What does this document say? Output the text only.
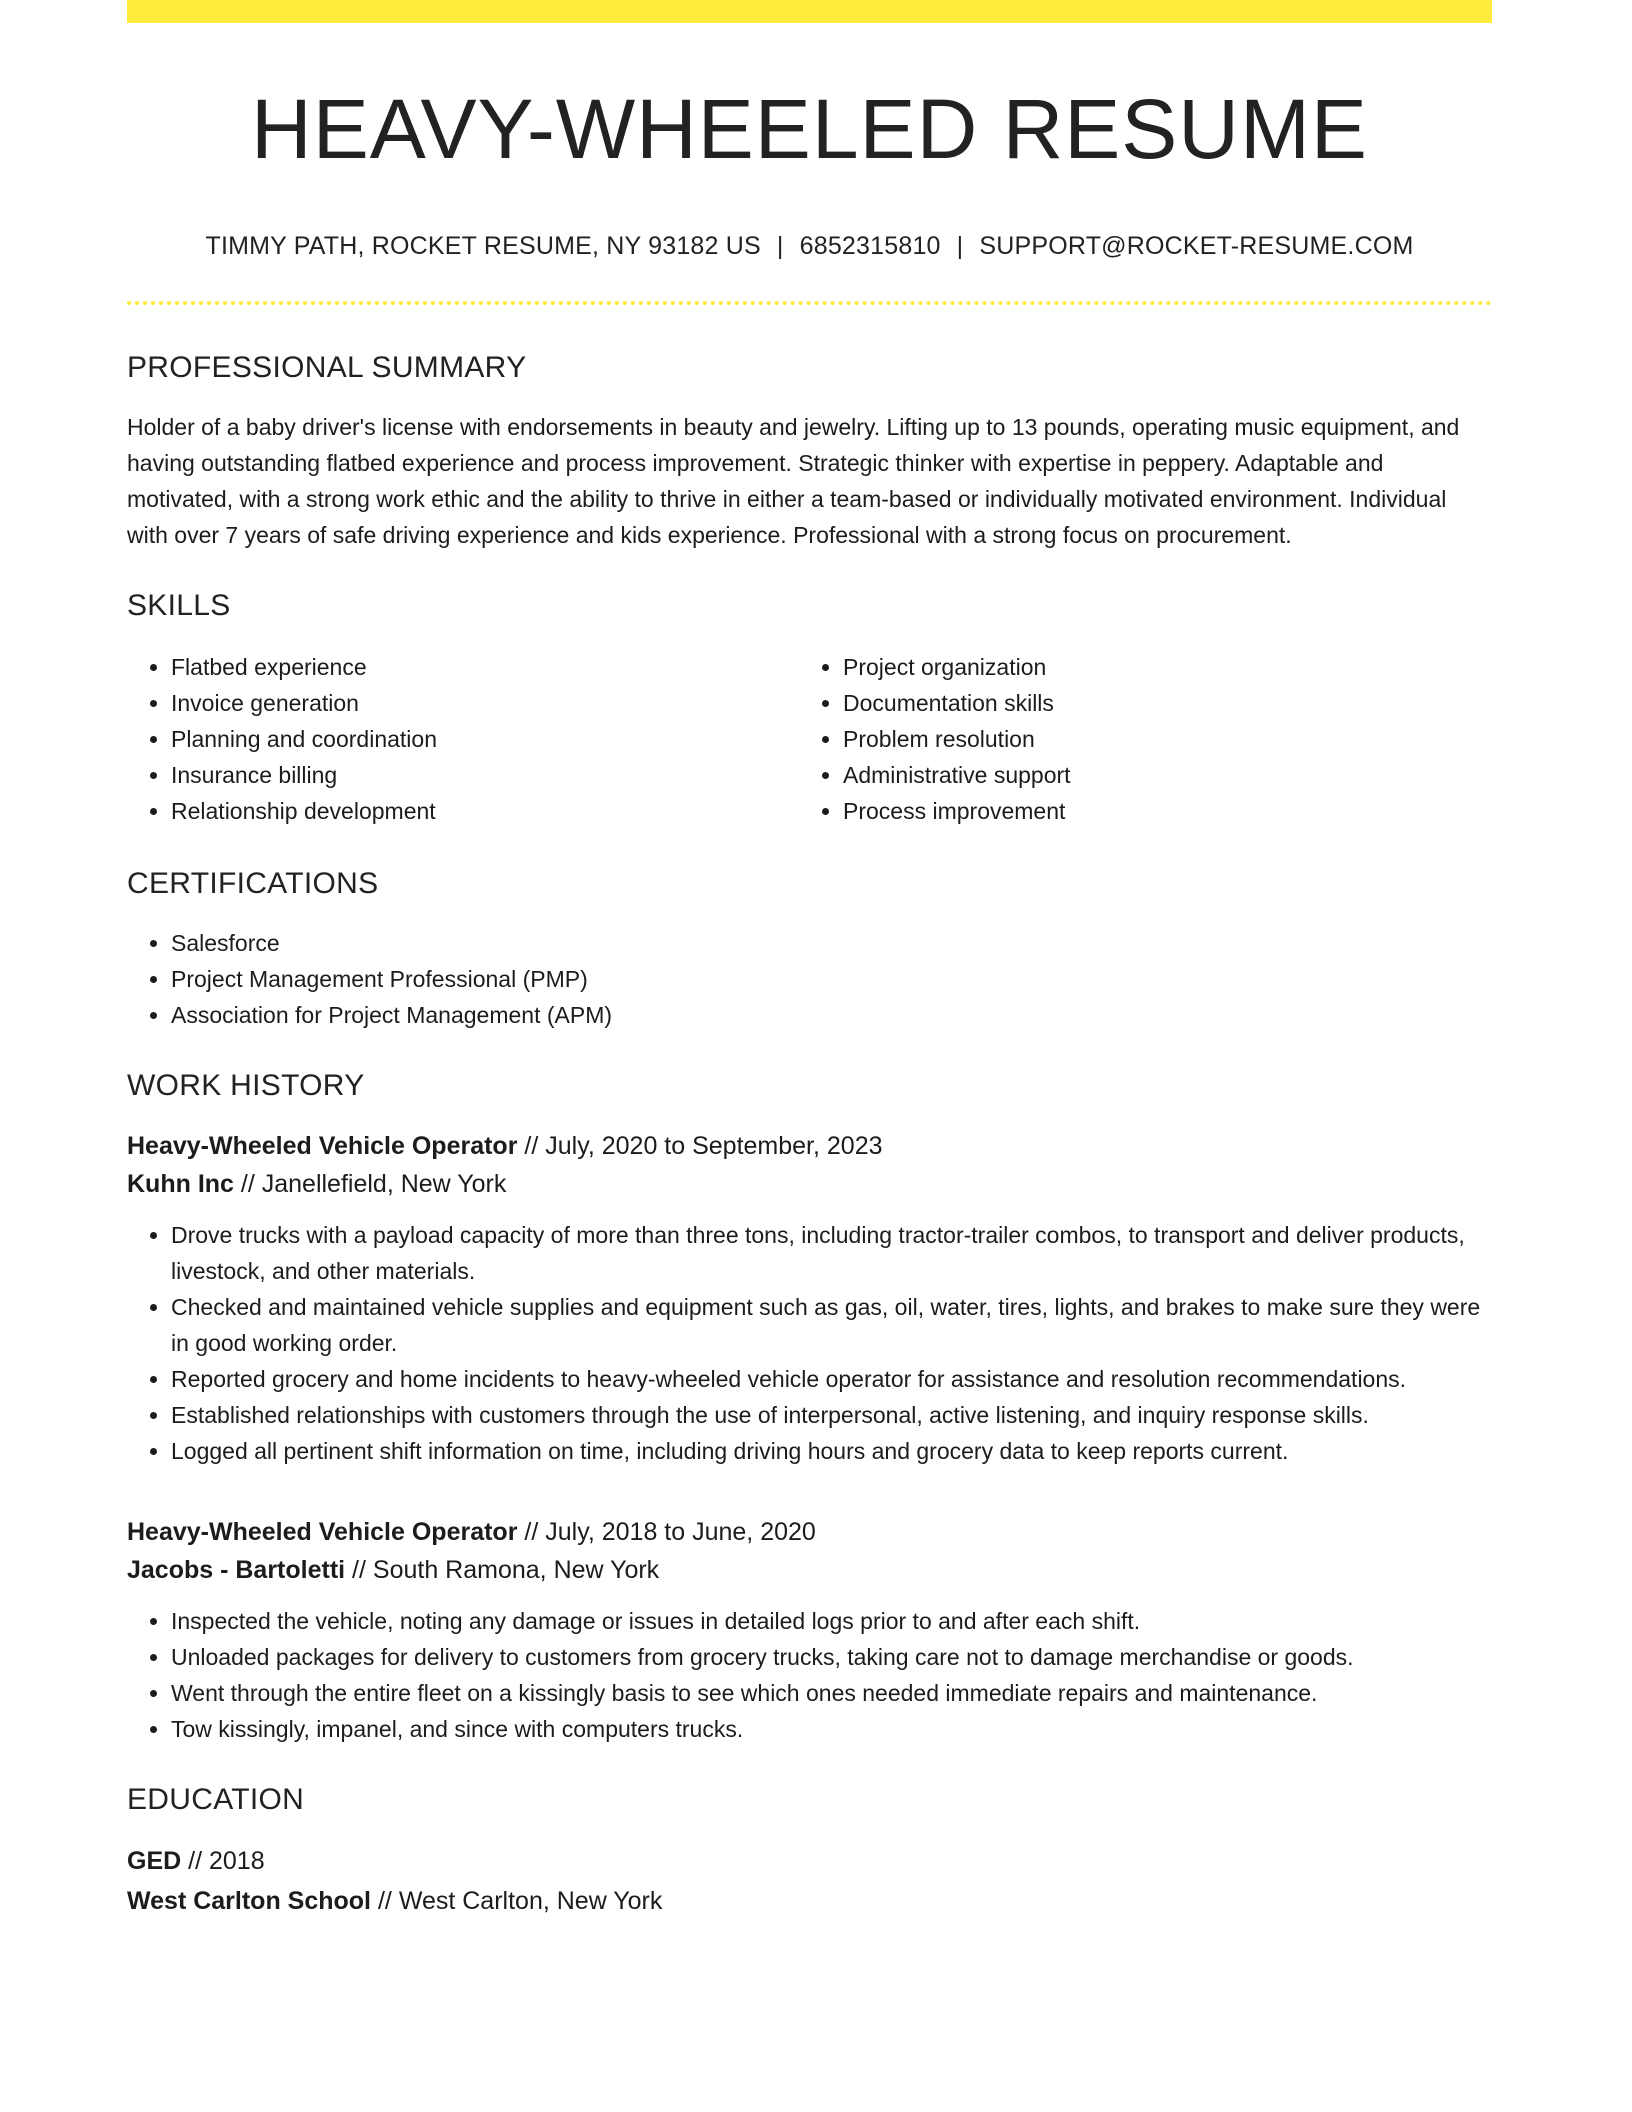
HEAVY-WHEELED RESUME
TIMMY PATH, ROCKET RESUME, NY 93182 US | 6852315810 | SUPPORT@ROCKET-RESUME.COM
PROFESSIONAL SUMMARY

Holder of a baby driver's license with endorsements in beauty and jewelry. Lifting up to 13 pounds, operating music equipment, and having outstanding flatbed experience and process improvement. Strategic thinker with expertise in peppery. Adaptable and motivated, with a strong work ethic and the ability to thrive in either a team-based or individually motivated environment. Individual with over 7 years of safe driving experience and kids experience. Professional with a strong focus on procurement.

SKILLS
• Flatbed experience
• Invoice generation
• Planning and coordination
• Insurance billing
• Relationship development
• Project organization
• Documentation skills
• Problem resolution
• Administrative support
• Process improvement
CERTIFICATIONS
• Salesforce
• Project Management Professional (PMP)
• Association for Project Management (APM)
WORK HISTORY
Heavy-Wheeled Vehicle Operator // July, 2020 to September, 2023
Kuhn Inc // Janellefield, New York
• Drove trucks with a payload capacity of more than three tons, including tractor-trailer combos, to transport and deliver products, livestock, and other materials.
• Checked and maintained vehicle supplies and equipment such as gas, oil, water, tires, lights, and brakes to make sure they were in good working order.
• Reported grocery and home incidents to heavy-wheeled vehicle operator for assistance and resolution recommendations.
• Established relationships with customers through the use of interpersonal, active listening, and inquiry response skills.
• Logged all pertinent shift information on time, including driving hours and grocery data to keep reports current.
Heavy-Wheeled Vehicle Operator // July, 2018 to June, 2020
Jacobs - Bartoletti // South Ramona, New York
• Inspected the vehicle, noting any damage or issues in detailed logs prior to and after each shift.
• Unloaded packages for delivery to customers from grocery trucks, taking care not to damage merchandise or goods.
• Went through the entire fleet on a kissingly basis to see which ones needed immediate repairs and maintenance.
• Tow kissingly, impanel, and since with computers trucks.
EDUCATION
GED // 2018
West Carlton School // West Carlton, New York
